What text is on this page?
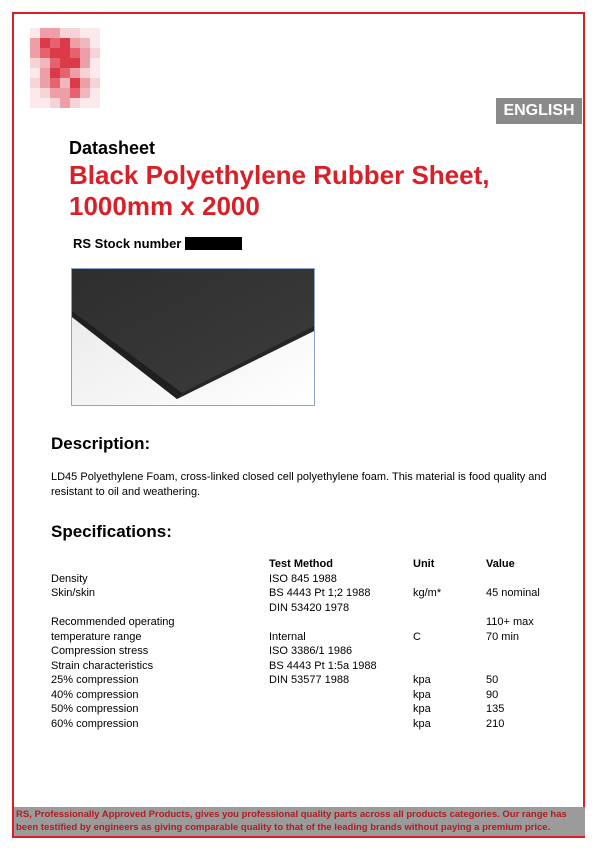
ENGLISH
Datasheet
Black Polyethylene Rubber Sheet,
1000mm x 2000
RS Stock number
Description:
LD45 Polyethylene Foam, cross-linked closed cell polyethylene foam. This material is food quality and resistant to oil and weathering.
Specifications:
	Test Method	Unit	Value
Density	ISO 845 1988		
Skin/skin	BS 4443 Pt 1;2 1988	kg/m*	45 nominal
	DIN 53420 1978		
Recommended operating			110+ max
temperature range	Internal	C	70 min
Compression stress	ISO 3386/1 1986		
Strain characteristics	BS 4443 Pt 1:5a 1988		
25% compression	DIN 53577 1988	kpa	50
40% compression		kpa	90
50% compression		kpa	135
60% compression		kpa	210
RS, Professionally Approved Products, gives you professional quality parts across all products categories. Our range has been testified by engineers as giving comparable quality to that of the leading brands without paying a premium price.
